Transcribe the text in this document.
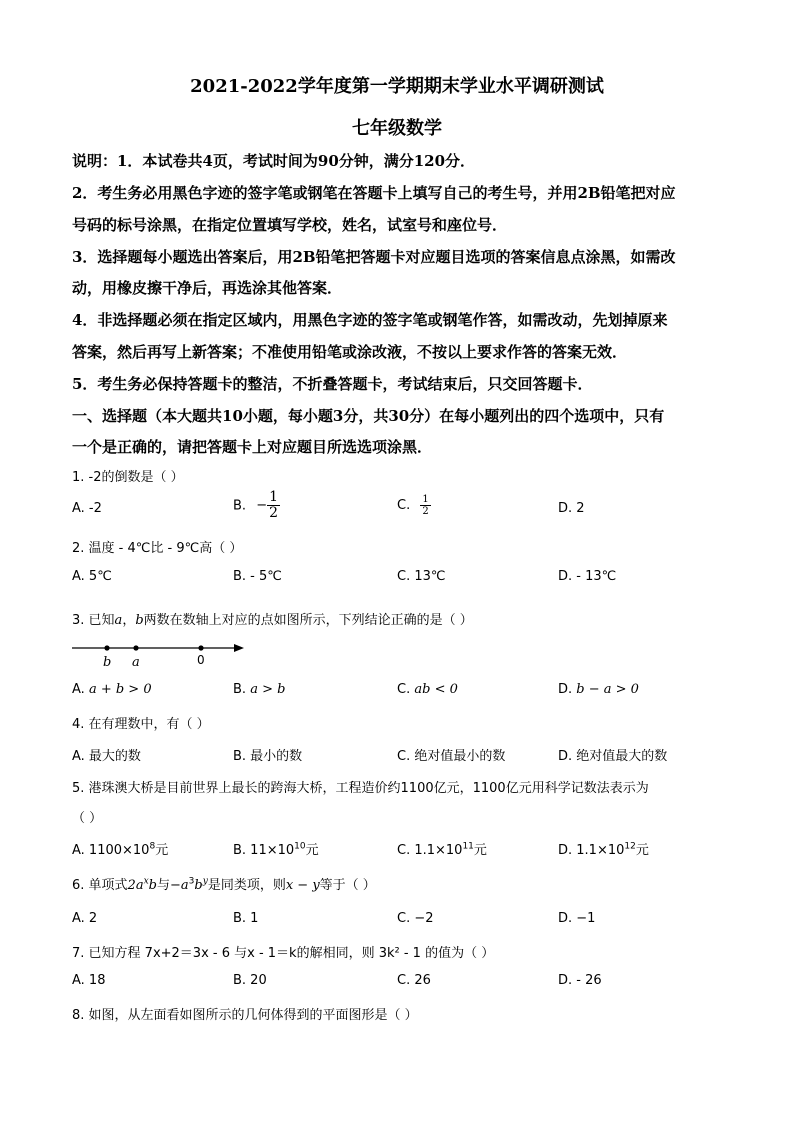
2021-2022学年度第一学期期末学业水平调研测试
七年级数学
说明：1．本试卷共4页，考试时间为90分钟，满分120分．
2．考生务必用黑色字迹的签字笔或钢笔在答题卡上填写自己的考生号，并用2B铅笔把对应
号码的标号涂黑，在指定位置填写学校，姓名，试室号和座位号．
3．选择题每小题选出答案后，用2B铅笔把答题卡对应题目选项的答案信息点涂黑，如需改
动，用橡皮擦干净后，再选涂其他答案．
4．非选择题必须在指定区域内，用黑色字迹的签字笔或钢笔作答，如需改动，先划掉原来
答案，然后再写上新答案；不准使用铅笔或涂改液，不按以上要求作答的答案无效．
5．考生务必保持答题卡的整洁，不折叠答题卡，考试结束后，只交回答题卡．
一、选择题（本大题共10小题，每小题3分，共30分）在每小题列出的四个选项中，只有
一个是正确的，请把答题卡上对应题目所选选项涂黑．
1. -2的倒数是（ ）
A. -2	B. − $\frac{1}{2}$	C. $\frac{1}{2}$	D. 2
2. 温度 - 4℃比 - 9℃高（ ）
A. 5℃	B. - 5℃	C. 13℃	D. - 13℃
3. 已知a，b两数在数轴上对应的点如图所示，下列结论正确的是（ ）
b a	0
A. a + b > 0	B. a > b	C. ab < 0	D. b − a > 0
4. 在有理数中，有（ ）
A. 最大的数	B. 最小的数	C. 绝对值最小的数	D. 绝对值最大的数
5. 港珠澳大桥是目前世界上最长的跨海大桥，工程造价约1100亿元，1100亿元用科学记数法表示为
（ ）
A. $1100\times 10^8$元	B. $11\times 10^{10}$元	C. $1.1\times 10^{11}$元	D. $1.1\times 10^{12}$元
6. 单项式$2a^xb$与$-a^3b^y$是同类项，则x − y等于（ ）
A. 2	B. 1	C. −2	D. −1
7. 已知方程 7x+2＝3x - 6 与x - 1＝k的解相同，则 3k² - 1 的值为（ ）
A. 18	B. 20	C. 26	D. - 26
8. 如图，从左面看如图所示的几何体得到的平面图形是（ ）
